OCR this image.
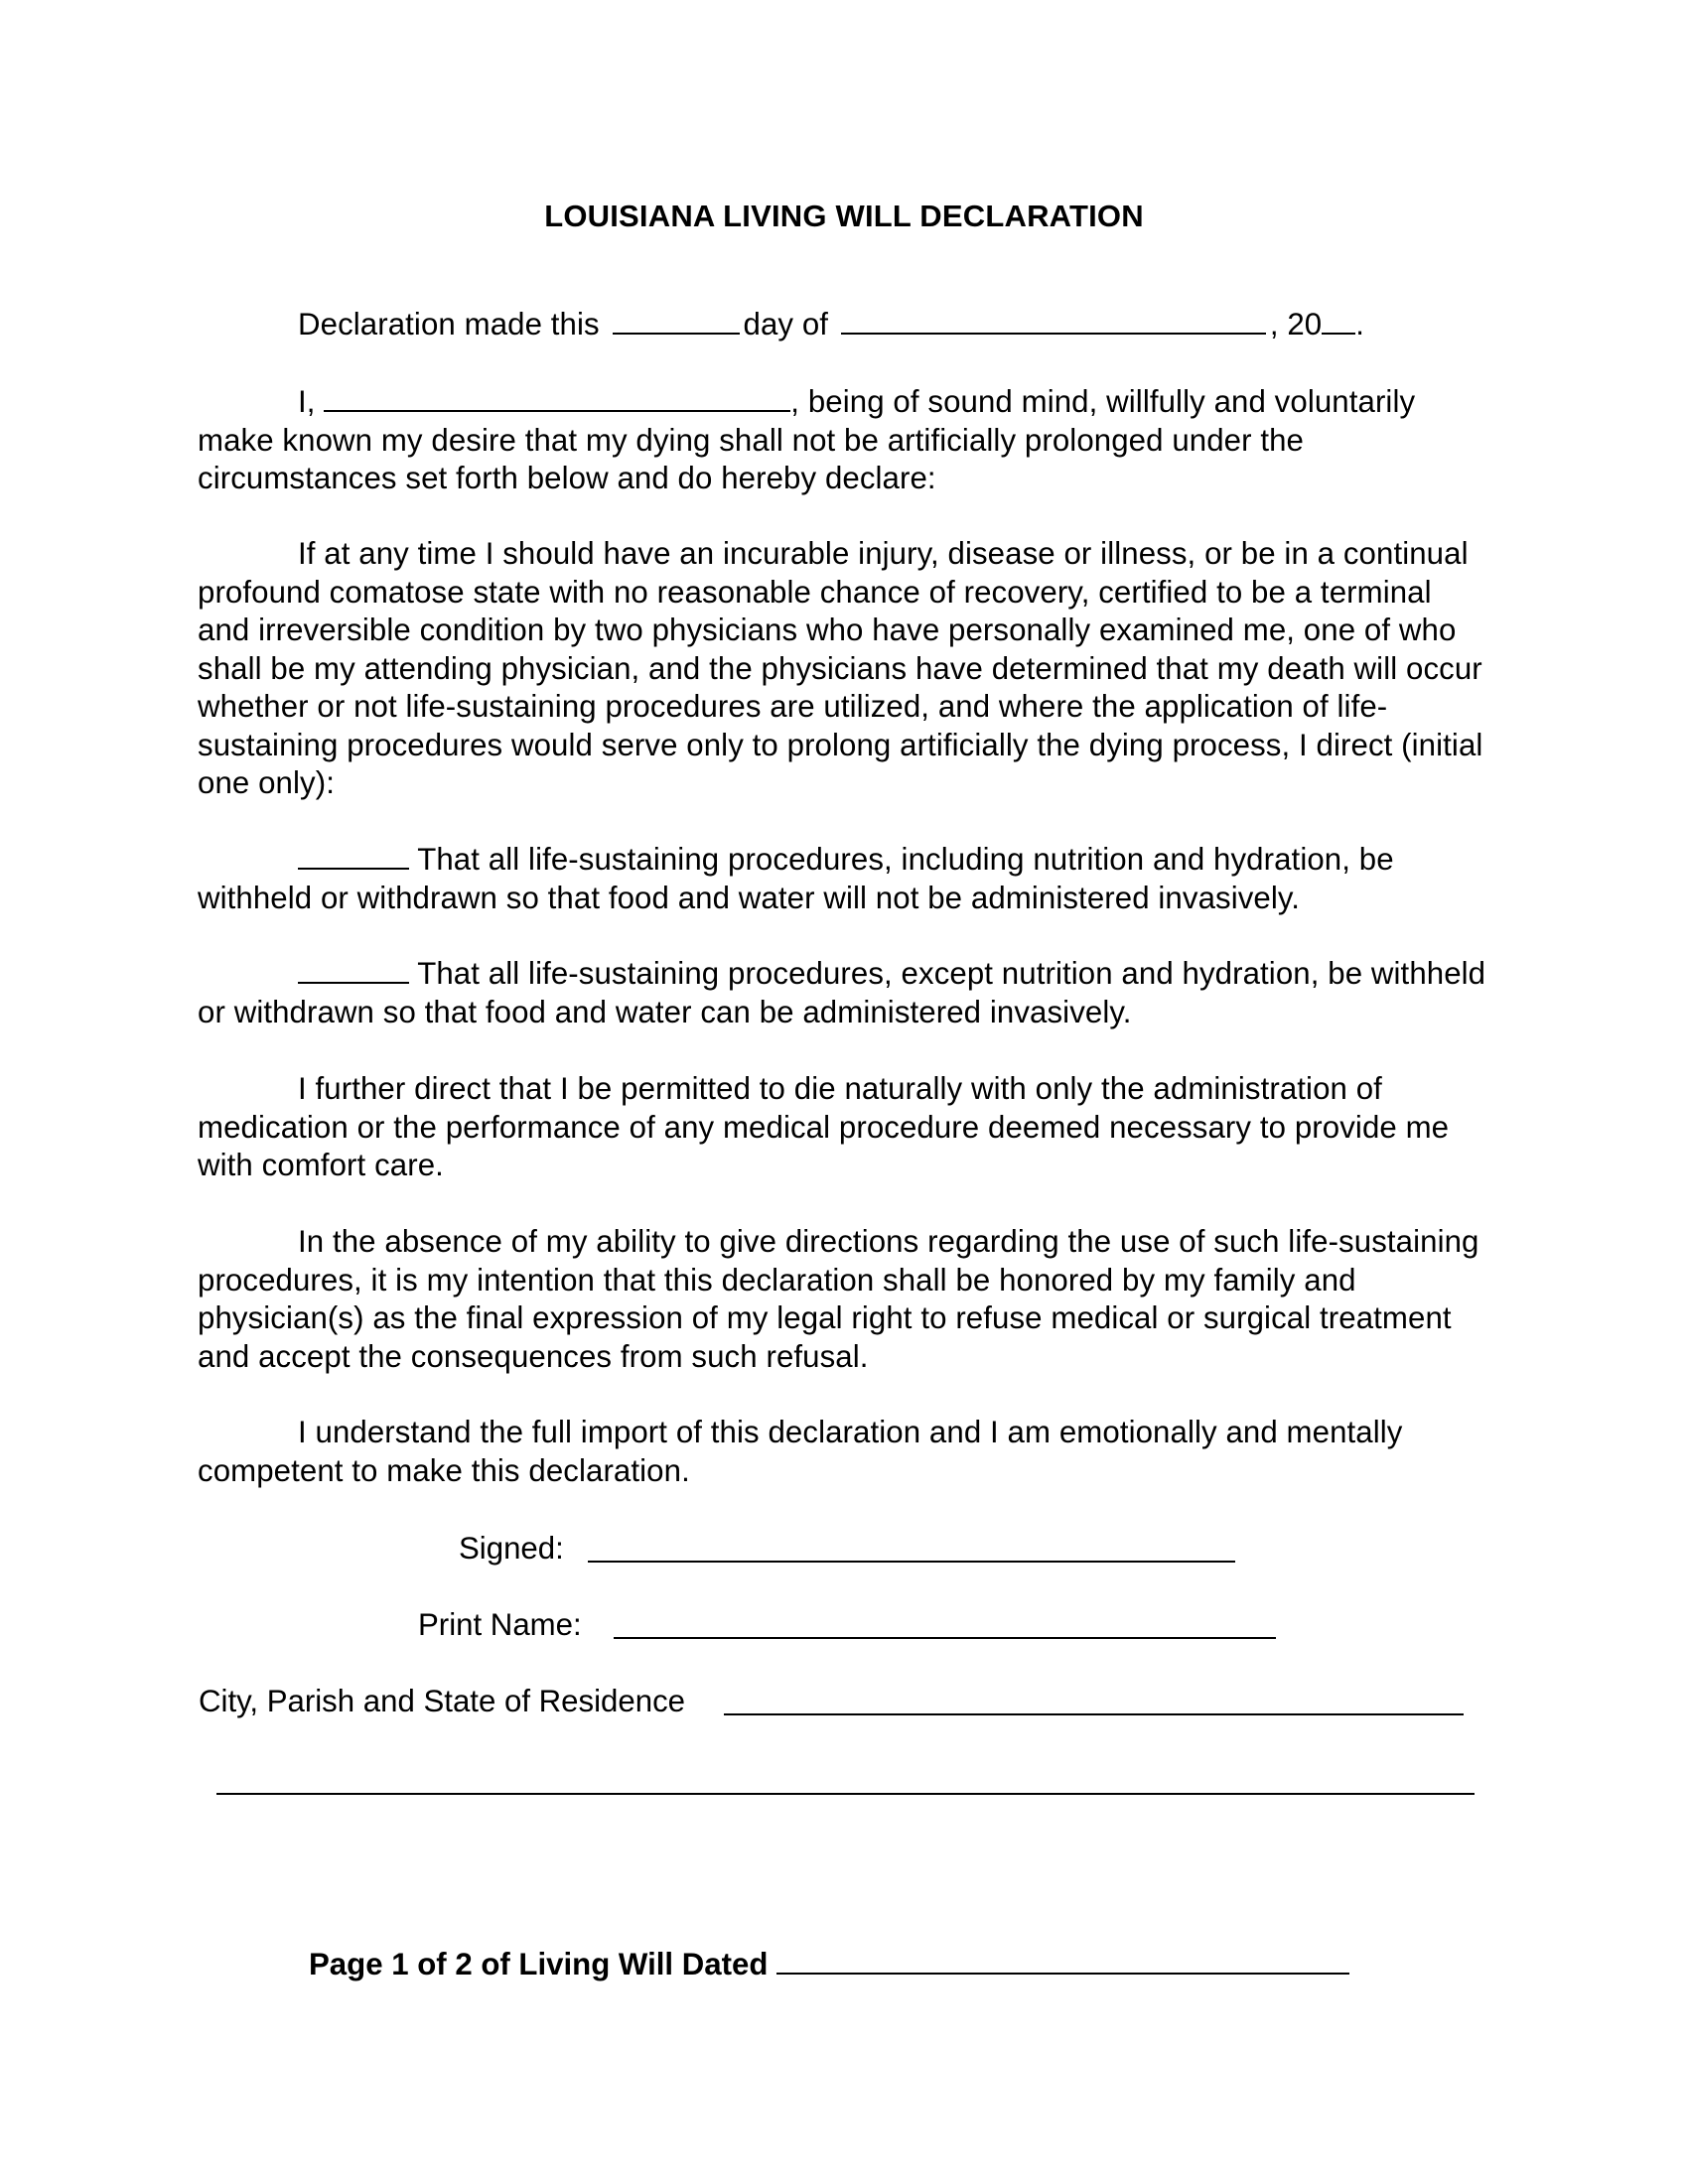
LOUISIANA LIVING WILL DECLARATION

Declaration made this	day of	, 20 .

I,	, being of sound mind, willfully and voluntarily make known my desire that my dying shall not be artificially prolonged under the circumstances set forth below and do hereby declare:

If at any time I should have an incurable injury, disease or illness, or be in a continual profound comatose state with no reasonable chance of recovery, certified to be a terminal and irreversible condition by two physicians who have personally examined me, one of who shall be my attending physician, and the physicians have determined that my death will occur whether or not life-sustaining procedures are utilized, and where the application of life-sustaining procedures would serve only to prolong artificially the dying process, I direct (initial one only):

That all life-sustaining procedures, including nutrition and hydration, be withheld or withdrawn so that food and water will not be administered invasively.

That all life-sustaining procedures, except nutrition and hydration, be withheld or withdrawn so that food and water can be administered invasively.

I further direct that I be permitted to die naturally with only the administration of medication or the performance of any medical procedure deemed necessary to provide me with comfort care.

In the absence of my ability to give directions regarding the use of such life-sustaining procedures, it is my intention that this declaration shall be honored by my family and physician(s) as the final expression of my legal right to refuse medical or surgical treatment and accept the consequences from such refusal.

I understand the full import of this declaration and I am emotionally and mentally competent to make this declaration.

Signed:
Print Name:
City, Parish and State of Residence
Page 1 of 2 of Living Will Dated
